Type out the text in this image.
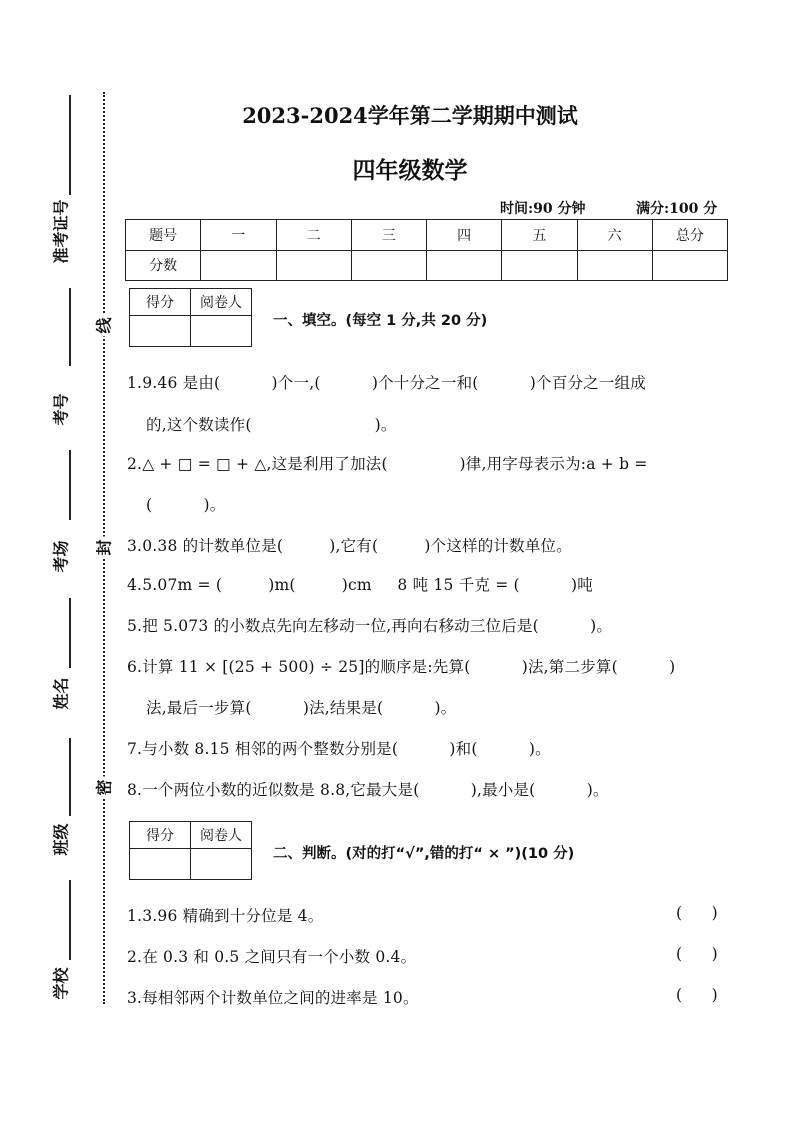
准考证号
考号
考场
姓名
班级
学校
线
封
密
2023-2024学年第二学期期中测试
四年级数学
时间:90 分钟	满分:100 分
题号	一	二	三	四	五	六	总分
分数							
得分	阅卷人

一、填空。(每空 1 分,共 20 分)
1.9.46 是由(          )个一,(          )个十分之一和(          )个百分之一组成
的,这个数读作(                        )。
2.△ + □ = □ + △,这是利用了加法(              )律,用字母表示为:a + b =
(          )。
3.0.38 的计数单位是(         ),它有(         )个这样的计数单位。
4.5.07m = (         )m(         )cm     8 吨 15 千克 = (          )吨
5.把 5.073 的小数点先向左移动一位,再向右移动三位后是(          )。
6.计算 11 × [(25 + 500) ÷ 25]的顺序是:先算(          )法,第二步算(          )
法,最后一步算(          )法,结果是(          )。
7.与小数 8.15 相邻的两个整数分别是(          )和(          )。
8.一个两位小数的近似数是 8.8,它最大是(          ),最小是(          )。
得分	阅卷人

二、判断。(对的打“√”,错的打“ × ”)(10 分)
1.3.96 精确到十分位是 4。	(      )
2.在 0.3 和 0.5 之间只有一个小数 0.4。	(      )
3.每相邻两个计数单位之间的进率是 10。	(      )
